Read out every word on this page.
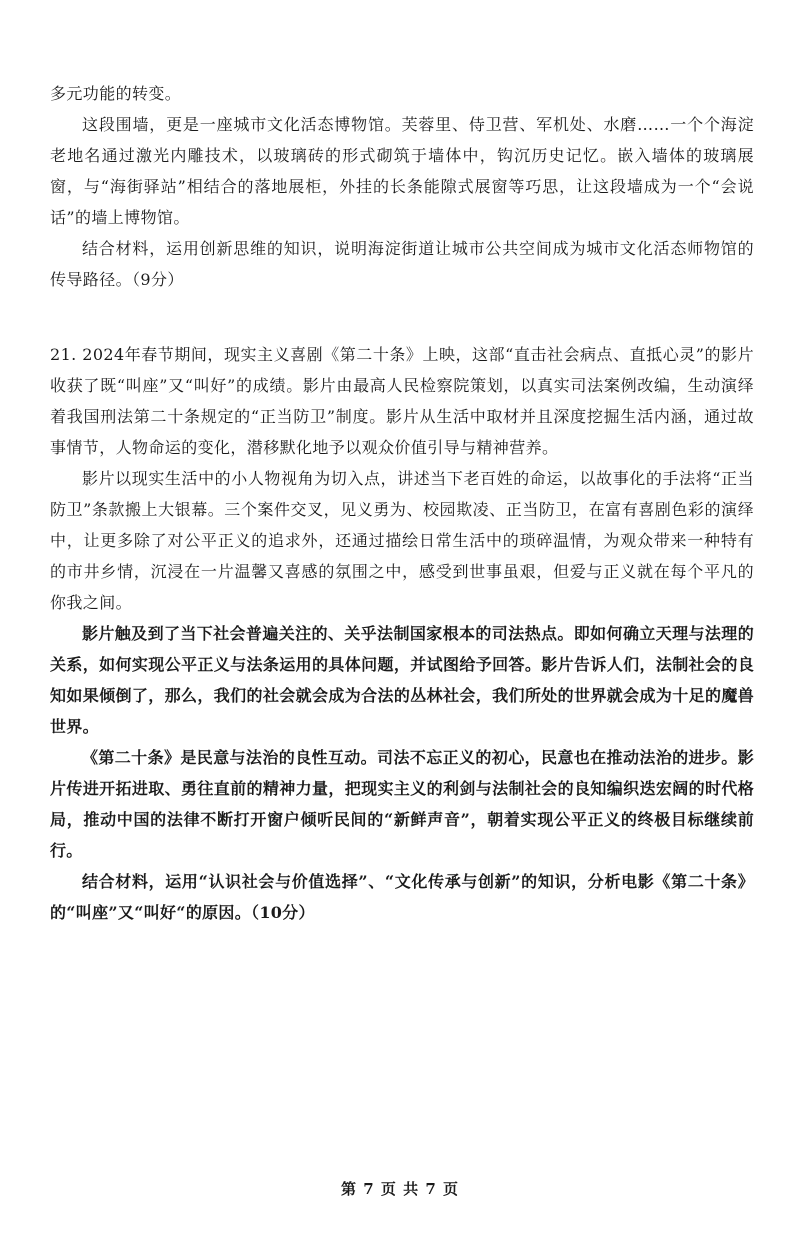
多元功能的转变。

这段围墙，更是一座城市文化活态博物馆。芙蓉里、侍卫营、军机处、水磨……一个个海淀老地名通过激光内雕技术，以玻璃砖的形式砌筑于墙体中，钩沉历史记忆。嵌入墙体的玻璃展窗，与“海街驿站”相结合的落地展柜，外挂的长条能隙式展窗等巧思，让这段墙成为一个“会说话”的墙上博物馆。

结合材料，运用创新思维的知识，说明海淀街道让城市公共空间成为城市文化活态师物馆的传导路径。（9分）

21. 2024年春节期间，现实主义喜剧《第二十条》上映，这部“直击社会病点、直抵心灵”的影片收获了既“叫座”又“叫好”的成绩。影片由最高人民检察院策划，以真实司法案例改编，生动演绎着我国刑法第二十条规定的“正当防卫”制度。影片从生活中取材并且深度挖掘生活内涵，通过故事情节，人物命运的变化，潜移默化地予以观众价值引导与精神营养。

影片以现实生活中的小人物视角为切入点，讲述当下老百姓的命运，以故事化的手法将“正当防卫”条款搬上大银幕。三个案件交叉，见义勇为、校园欺凌、正当防卫，在富有喜剧色彩的演绎中，让更多除了对公平正义的追求外，还通过描绘日常生活中的琐碎温情，为观众带来一种特有的市井乡情，沉浸在一片温馨又喜感的氛围之中，感受到世事虽艰，但爱与正义就在每个平凡的你我之间。

影片触及到了当下社会普遍关注的、关乎法制国家根本的司法热点。即如何确立天理与法理的关系，如何实现公平正义与法条运用的具体问题，并试图给予回答。影片告诉人们，法制社会的良知如果倾倒了，那么，我们的社会就会成为合法的丛林社会，我们所处的世界就会成为十足的魔兽世界。

《第二十条》是民意与法治的良性互动。司法不忘正义的初心，民意也在推动法治的进步。影片传进开拓进取、勇往直前的精神力量，把现实主义的利剑与法制社会的良知编织迭宏阔的时代格局，推动中国的法律不断打开窗户倾听民间的“新鲜声音”，朝着实现公平正义的终极目标继续前行。

结合材料，运用“认识社会与价值选择”、“文化传承与创新”的知识，分析电影《第二十条》的“叫座”又“叫好“的原因。（10分）

第 7 页 共 7 页
